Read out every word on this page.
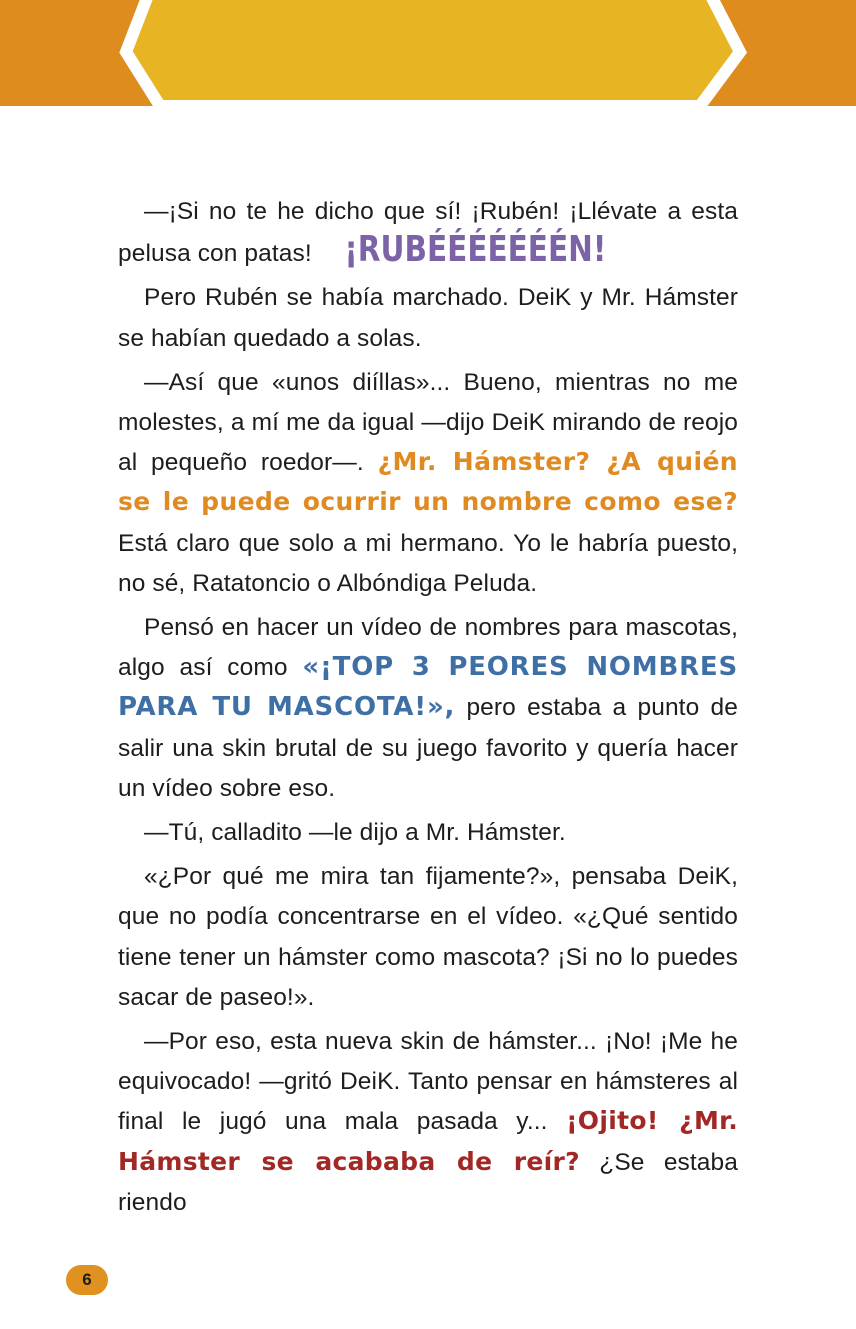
—¡Si no te he dicho que sí! ¡Rubén! ¡Llévate a esta pelusa con patas! ¡RUBÉÉÉÉÉÉÉN!

Pero Rubén se había marchado. DeiK y Mr. Hámster se habían quedado a solas.

—Así que «unos diíllas»... Bueno, mientras no me molestes, a mí me da igual —dijo DeiK mirando de reojo al pequeño roedor—. ¿Mr. Hámster? ¿A quién se le puede ocurrir un nombre como ese? Está claro que solo a mi hermano. Yo le habría puesto, no sé, Ratatoncio o Albóndiga Peluda.

Pensó en hacer un vídeo de nombres para mascotas, algo así como «¡TOP 3 PEORES NOMBRES PARA TU MASCOTA!», pero estaba a punto de salir una skin brutal de su juego favorito y quería hacer un vídeo sobre eso.

—Tú, calladito —le dijo a Mr. Hámster.

«¿Por qué me mira tan fijamente?», pensaba DeiK, que no podía concentrarse en el vídeo. «¿Qué sentido tiene tener un hámster como mascota? ¡Si no lo puedes sacar de paseo!».

—Por eso, esta nueva skin de hámster... ¡No! ¡Me he equivocado! —gritó DeiK. Tanto pensar en hámsteres al final le jugó una mala pasada y... ¡Ojito! ¿Mr. Hámster se acababa de reír? ¿Se estaba riendo

6
